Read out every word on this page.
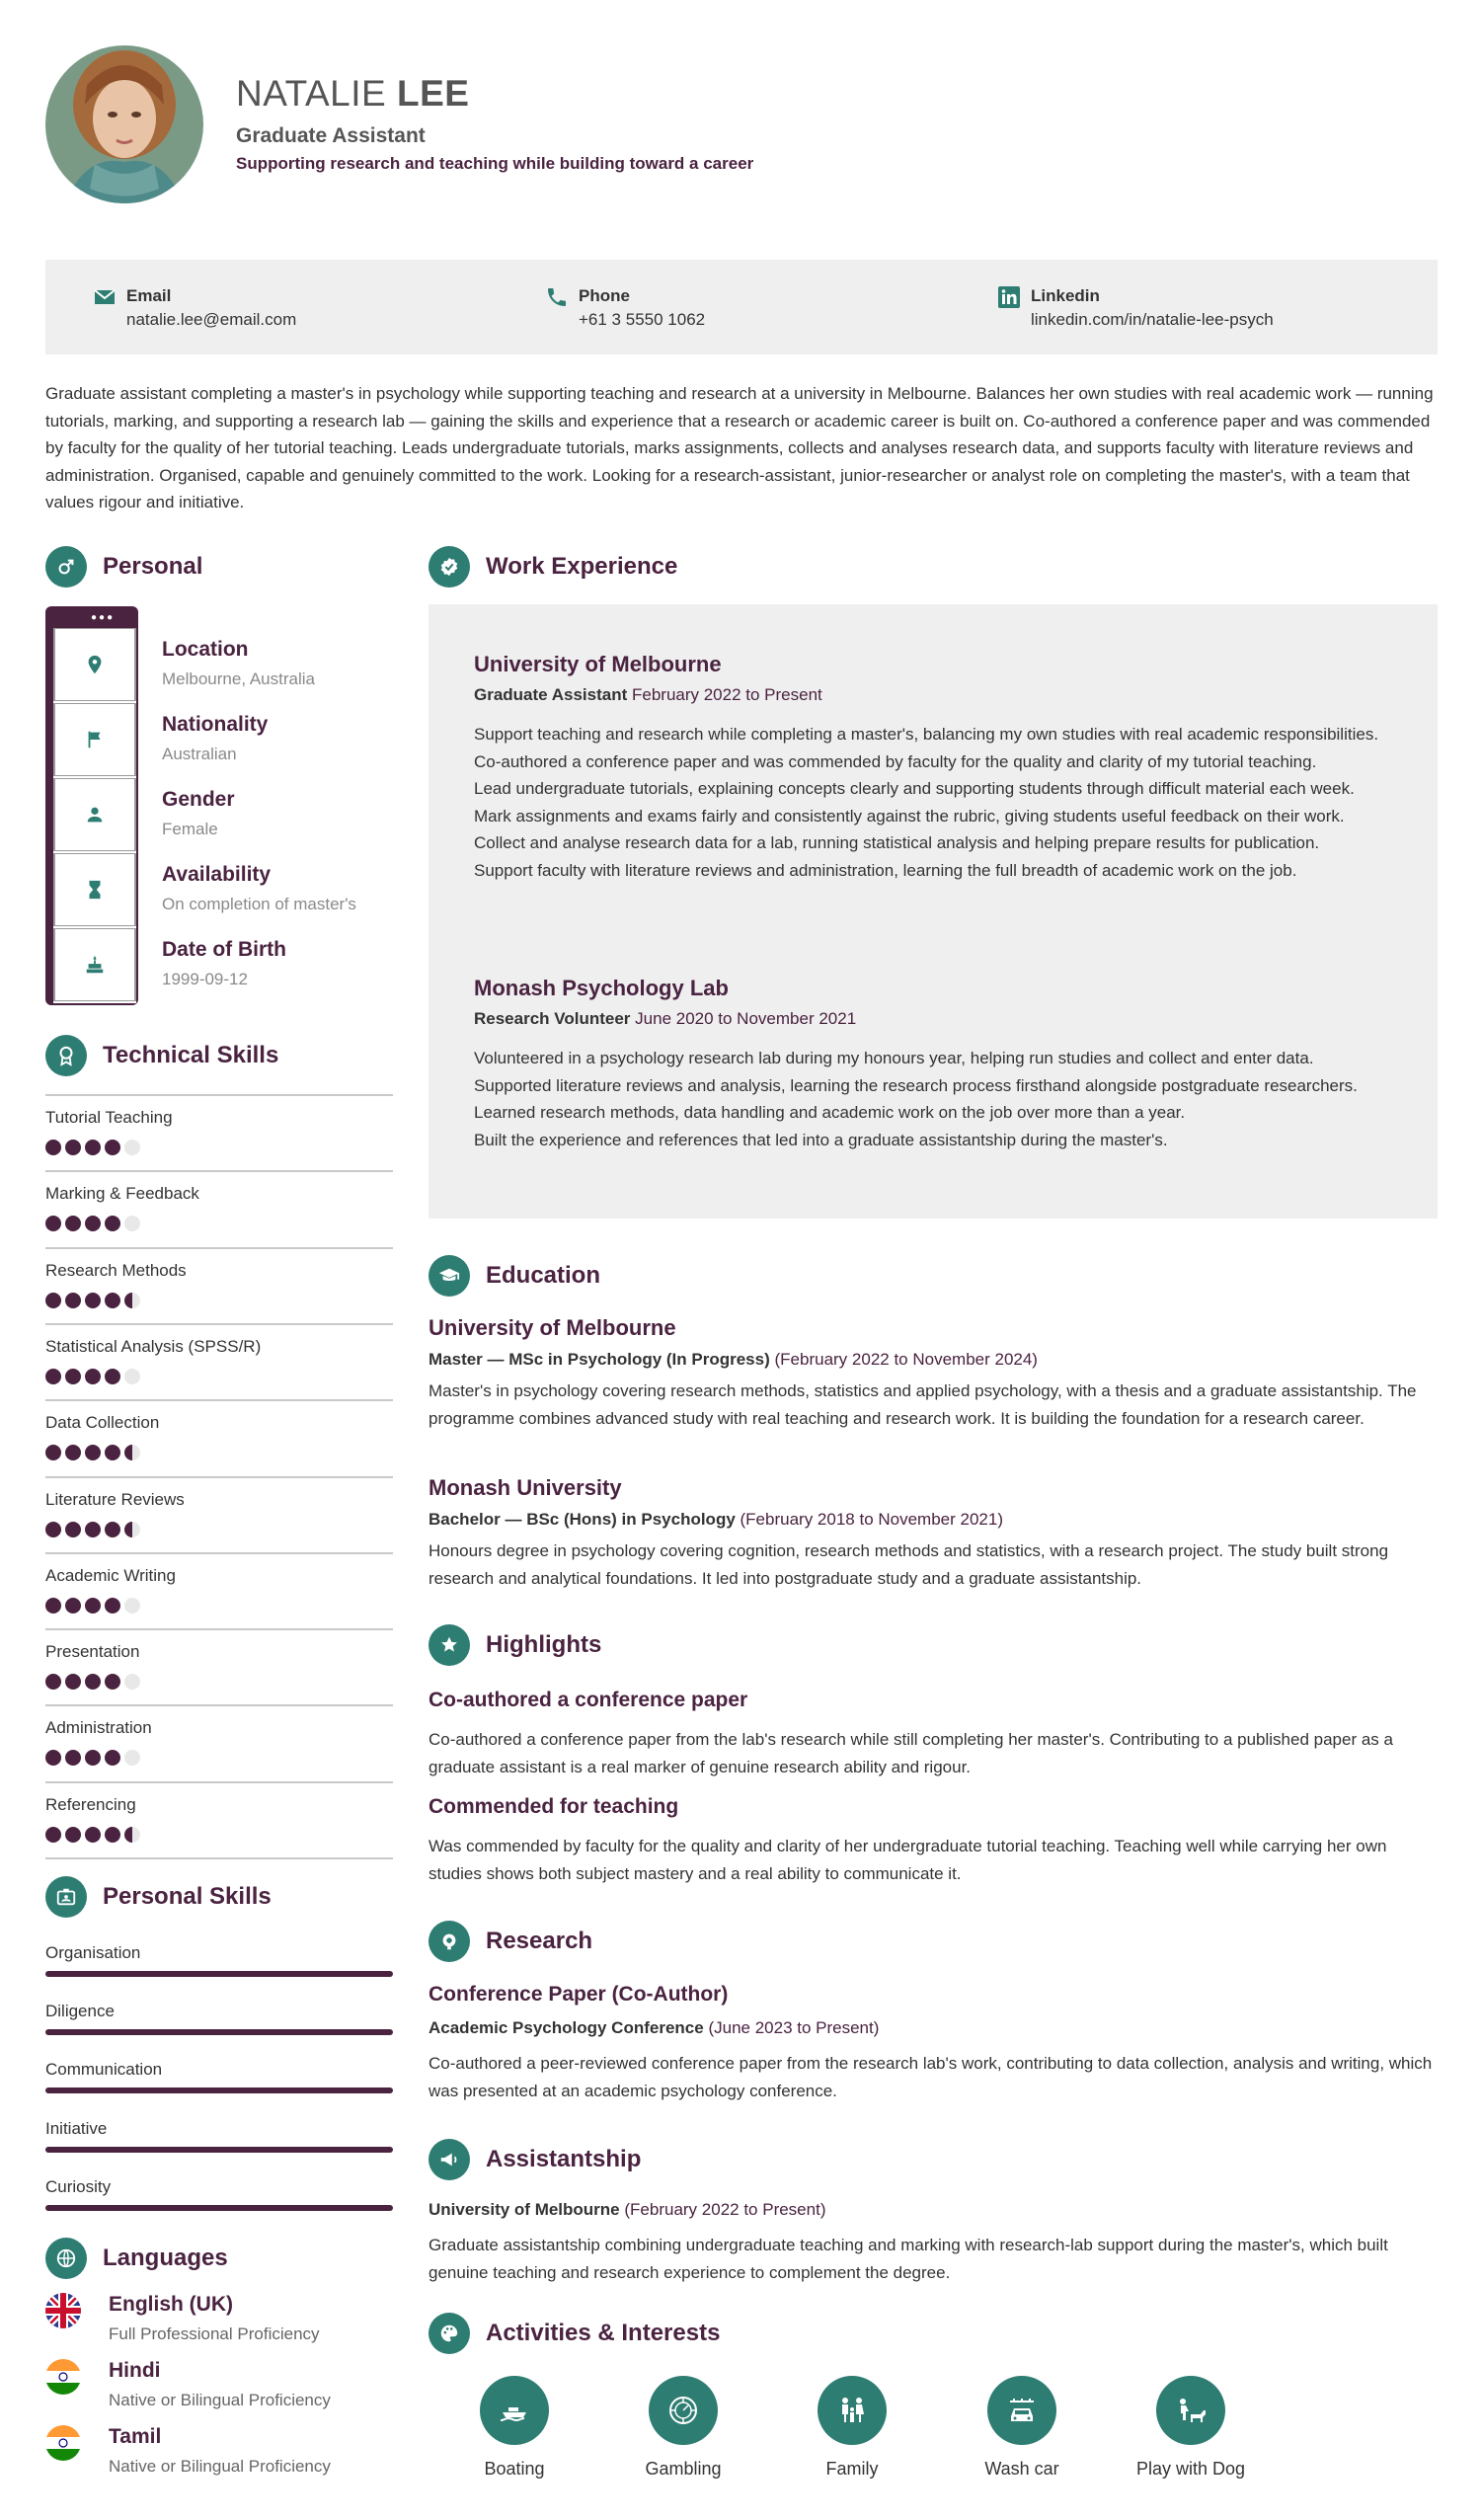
NATALIE LEE
Graduate Assistant
Supporting research and teaching while building toward a career
Email
natalie.lee@email.com
Phone
+61 3 5550 1062
Linkedin
linkedin.com/in/natalie-lee-psych
Graduate assistant completing a master's in psychology while supporting teaching and research at a university in Melbourne. Balances her own studies with real academic work — running tutorials, marking, and supporting a research lab — gaining the skills and experience that a research or academic career is built on. Co-authored a conference paper and was commended by faculty for the quality of her tutorial teaching. Leads undergraduate tutorials, marks assignments, collects and analyses research data, and supports faculty with literature reviews and administration. Organised, capable and genuinely committed to the work. Looking for a research-assistant, junior-researcher or analyst role on completing the master's, with a team that values rigour and initiative.
Personal
●●●
Location
Melbourne, Australia
Nationality
Australian
Gender
Female
Availability
On completion of master's
Date of Birth
1999-09-12
Technical Skills
Tutorial Teaching
Marking & Feedback
Research Methods
Statistical Analysis (SPSS/R)
Data Collection
Literature Reviews
Academic Writing
Presentation
Administration
Referencing
Personal Skills
Organisation
Diligence
Communication
Initiative
Curiosity
Languages
English (UK)
Full Professional Proficiency
Hindi
Native or Bilingual Proficiency
Tamil
Native or Bilingual Proficiency
Work Experience
University of Melbourne
Graduate Assistant February 2022 to Present
Support teaching and research while completing a master's, balancing my own studies with real academic responsibilities.
Co-authored a conference paper and was commended by faculty for the quality and clarity of my tutorial teaching.
Lead undergraduate tutorials, explaining concepts clearly and supporting students through difficult material each week.
Mark assignments and exams fairly and consistently against the rubric, giving students useful feedback on their work.
Collect and analyse research data for a lab, running statistical analysis and helping prepare results for publication.
Support faculty with literature reviews and administration, learning the full breadth of academic work on the job.
Monash Psychology Lab
Research Volunteer June 2020 to November 2021
Volunteered in a psychology research lab during my honours year, helping run studies and collect and enter data.
Supported literature reviews and analysis, learning the research process firsthand alongside postgraduate researchers.
Learned research methods, data handling and academic work on the job over more than a year.
Built the experience and references that led into a graduate assistantship during the master's.
Education
University of Melbourne
Master — MSc in Psychology (In Progress) (February 2022 to November 2024)
Master's in psychology covering research methods, statistics and applied psychology, with a thesis and a graduate assistantship. The programme combines advanced study with real teaching and research work. It is building the foundation for a research career.
Monash University
Bachelor — BSc (Hons) in Psychology (February 2018 to November 2021)
Honours degree in psychology covering cognition, research methods and statistics, with a research project. The study built strong research and analytical foundations. It led into postgraduate study and a graduate assistantship.
Highlights
Co-authored a conference paper
Co-authored a conference paper from the lab's research while still completing her master's. Contributing to a published paper as a graduate assistant is a real marker of genuine research ability and rigour.
Commended for teaching
Was commended by faculty for the quality and clarity of her undergraduate tutorial teaching. Teaching well while carrying her own studies shows both subject mastery and a real ability to communicate it.
Research
Conference Paper (Co-Author)
Academic Psychology Conference (June 2023 to Present)
Co-authored a peer-reviewed conference paper from the research lab's work, contributing to data collection, analysis and writing, which was presented at an academic psychology conference.
Assistantship
University of Melbourne (February 2022 to Present)
Graduate assistantship combining undergraduate teaching and marking with research-lab support during the master's, which built genuine teaching and research experience to complement the degree.
Activities & Interests
Boating	Gambling	Family	Wash car	Play with Dog
